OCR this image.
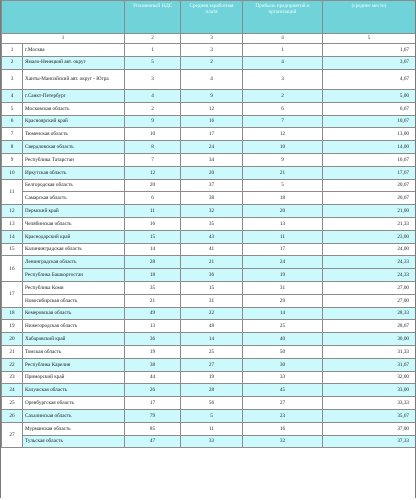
		Уплаченный НДС	Средняя заработная плата	Прибыль предприятий и организаций	(среднее место)
1		2	3	4	5
1	г.Москва	1	3	1	1,67
2	Ямало-Ненецкий авт. округ	5	2	4	3,67
3	Ханты-Мансийский авт. округ - Югра	3	4	3	4,67
4	г.Санкт-Петербург	4	9	2	5,00
5	Московская область	2	12	6	6,67
6	Красноярский край	9	16	7	10,67
7	Тюменская область	10	17	12	13,00
8	Свердловская область	8	24	10	14,00
9	Республика Татарстан	7	34	9	16,67
10	Иркутская область	12	20	21	17,67
11	Белгородская область	20	37	5	20,67
	Самарская область	6	38	18	20,67
12	Пермский край	11	32	20	21,00
13	Челябинская область	16	35	13	21,33
14	Краснодарский край	15	43	11	23,00
15	Калининградская область	14	41	17	24,00
16	Ленинградская область	28	21	24	24,33
	Республика Башкортостан	18	36	19	24,33
17	Республика Коми	35	15	31	27,00
	Новосибирская область	21	31	29	27,00
18	Кемеровская область	49	22	14	28,33
19	Нижегородская область	13	48	25	28,67
20	Хабаровский край	36	14	40	30,00
21	Томская область	19	25	50	31,33
22	Республика Карелия	38	27	30	31,67
23	Приморский край	44	19	33	32,00
24	Калужская область	26	28	45	33,00
25	Оренбургская область	17	56	27	33,33
26	Сахалинская область	79	5	23	35,67
27	Мурманская область	85	11	16	37,00
	Тульская область	47	33	32	37,33
